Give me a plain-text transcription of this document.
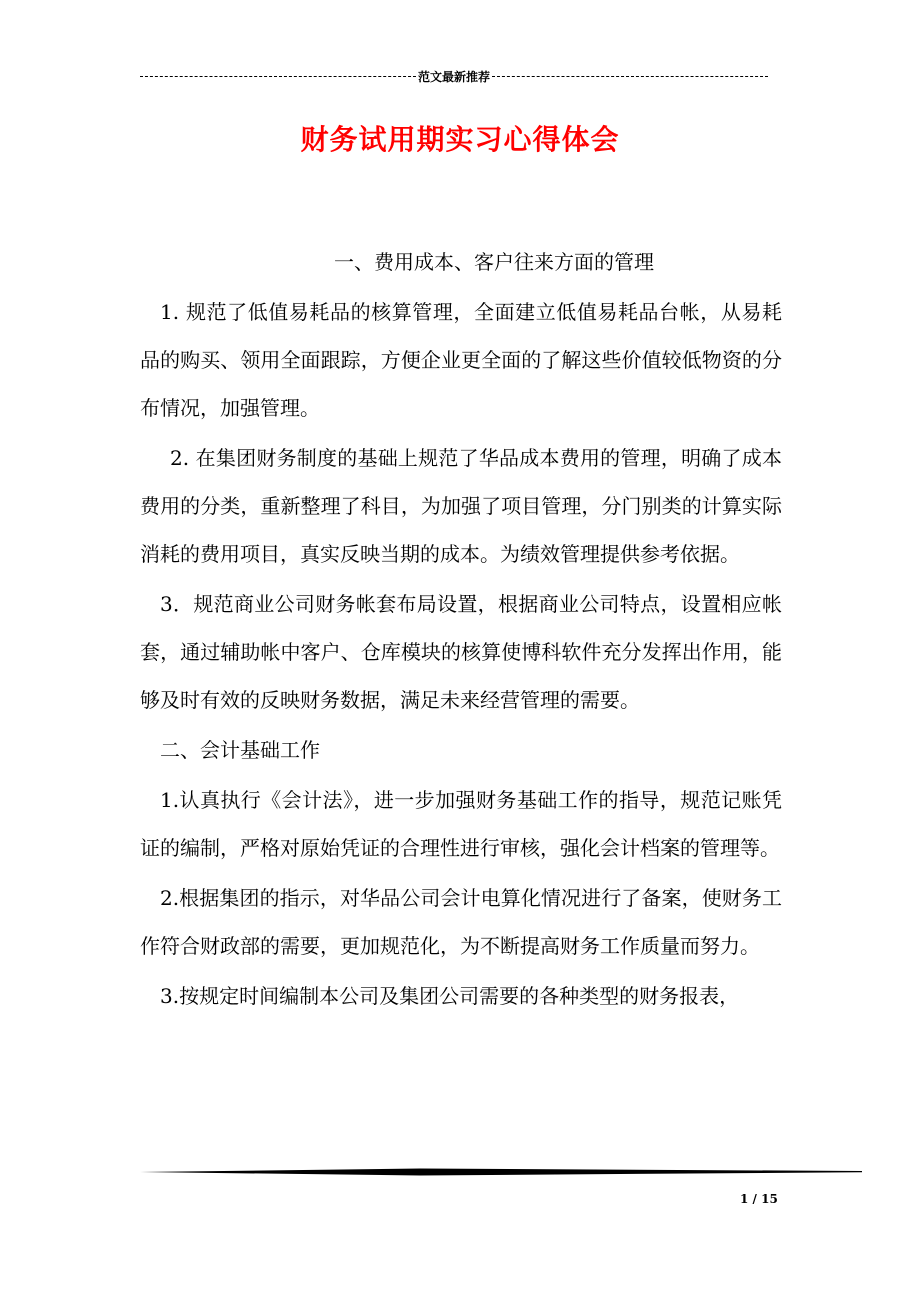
范文最新推荐
财务试用期实习心得体会

一、费用成本、客户往来方面的管理

1. 规范了低值易耗品的核算管理，全面建立低值易耗品台帐，从易耗品的购买、领用全面跟踪，方便企业更全面的了解这些价值较低物资的分布情况，加强管理。

2. 在集团财务制度的基础上规范了华品成本费用的管理，明确了成本费用的分类，重新整理了科目，为加强了项目管理，分门别类的计算实际消耗的费用项目，真实反映当期的成本。为绩效管理提供参考依据。

3．规范商业公司财务帐套布局设置，根据商业公司特点，设置相应帐套，通过辅助帐中客户、仓库模块的核算使博科软件充分发挥出作用，能够及时有效的反映财务数据，满足未来经营管理的需要。

二、会计基础工作

1.认真执行《会计法》，进一步加强财务基础工作的指导，规范记账凭证的编制，严格对原始凭证的合理性进行审核，强化会计档案的管理等。

2.根据集团的指示，对华品公司会计电算化情况进行了备案，使财务工作符合财政部的需要，更加规范化，为不断提高财务工作质量而努力。

3.按规定时间编制本公司及集团公司需要的各种类型的财务报表，

1 / 15
